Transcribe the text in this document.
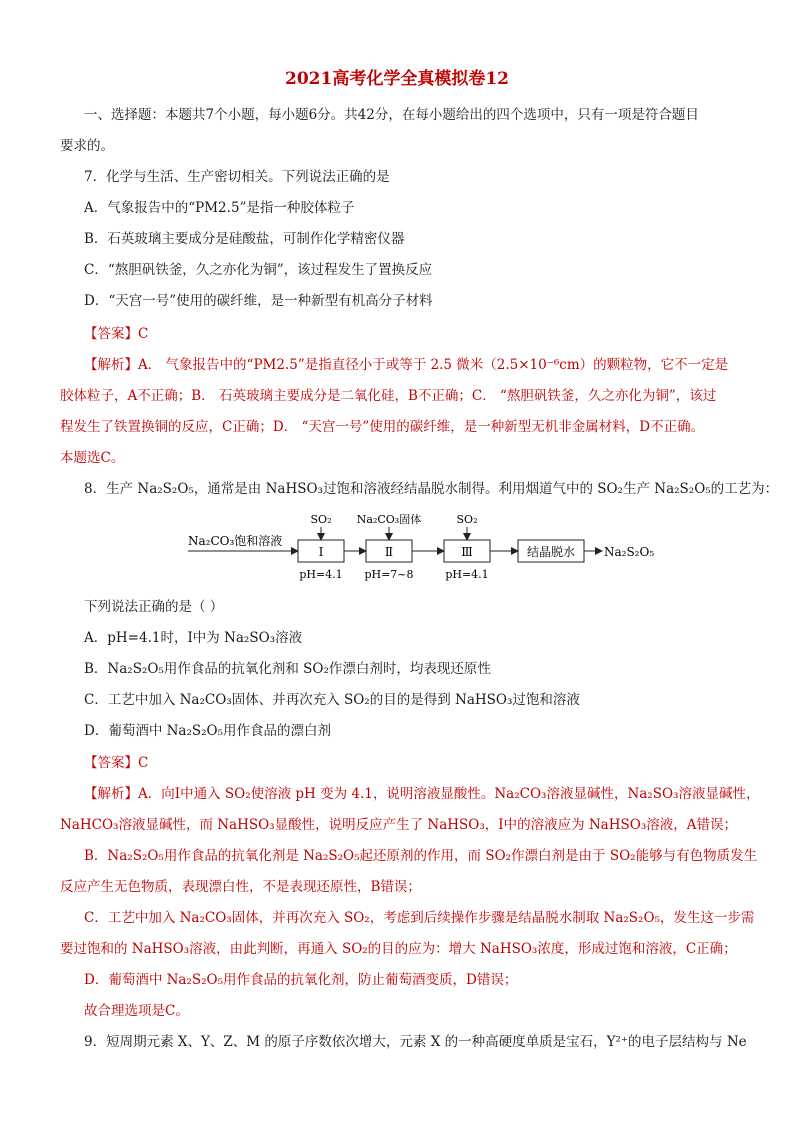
2021高考化学全真模拟卷12
一、选择题：本题共7个小题，每小题6分。共42分，在每小题给出的四个选项中，只有一项是符合题目
要求的。
7．化学与生活、生产密切相关。下列说法正确的是
A．气象报告中的“PM2.5”是指一种胶体粒子
B．石英玻璃主要成分是硅酸盐，可制作化学精密仪器
C．“熬胆矾铁釜，久之亦化为铜”，该过程发生了置换反应
D．“天宫一号”使用的碳纤维，是一种新型有机高分子材料
【答案】C
【解析】A． 气象报告中的“PM2.5”是指直径小于或等于 2.5 微米（2.5×10⁻⁶cm）的颗粒物，它不一定是
胶体粒子，A不正确；B． 石英玻璃主要成分是二氧化硅，B不正确；C． “熬胆矾铁釜，久之亦化为铜”，该过
程发生了铁置换铜的反应，C正确；D． “天宫一号”使用的碳纤维，是一种新型无机非金属材料，D不正确。
本题选C。
8．生产 Na₂S₂O₅，通常是由 NaHSO₃过饱和溶液经结晶脱水制得。利用烟道气中的 SO₂生产 Na₂S₂O₅的工艺为：
Na₂CO₃饱和溶液
Ⅰ
SO₂
pH=4.1
Ⅱ
Na₂CO₃固体
pH=7~8
Ⅲ
SO₂
pH=4.1
结晶脱水 Na₂S₂O₅
下列说法正确的是（ ）
A．pH=4.1时，Ⅰ中为 Na₂SO₃溶液
B．Na₂S₂O₅用作食品的抗氧化剂和 SO₂作漂白剂时，均表现还原性
C．工艺中加入 Na₂CO₃固体、并再次充入 SO₂的目的是得到 NaHSO₃过饱和溶液
D．葡萄酒中 Na₂S₂O₅用作食品的漂白剂
【答案】C
【解析】A．向Ⅰ中通入 SO₂使溶液 pH 变为 4.1，说明溶液显酸性。Na₂CO₃溶液显碱性，Na₂SO₃溶液显碱性，
NaHCO₃溶液显碱性，而 NaHSO₃显酸性，说明反应产生了 NaHSO₃，Ⅰ中的溶液应为 NaHSO₃溶液，A错误；
B．Na₂S₂O₅用作食品的抗氧化剂是 Na₂S₂O₅起还原剂的作用，而 SO₂作漂白剂是由于 SO₂能够与有色物质发生
反应产生无色物质，表现漂白性，不是表现还原性，B错误；
C．工艺中加入 Na₂CO₃固体，并再次充入 SO₂，考虑到后续操作步骤是结晶脱水制取 Na₂S₂O₅，发生这一步需
要过饱和的 NaHSO₃溶液，由此判断，再通入 SO₂的目的应为：增大 NaHSO₃浓度，形成过饱和溶液，C正确；
D．葡萄酒中 Na₂S₂O₅用作食品的抗氧化剂，防止葡萄酒变质，D错误；
故合理选项是C。
9．短周期元素 X、Y、Z、M 的原子序数依次增大，元素 X 的一种高硬度单质是宝石，Y²⁺的电子层结构与 Ne
